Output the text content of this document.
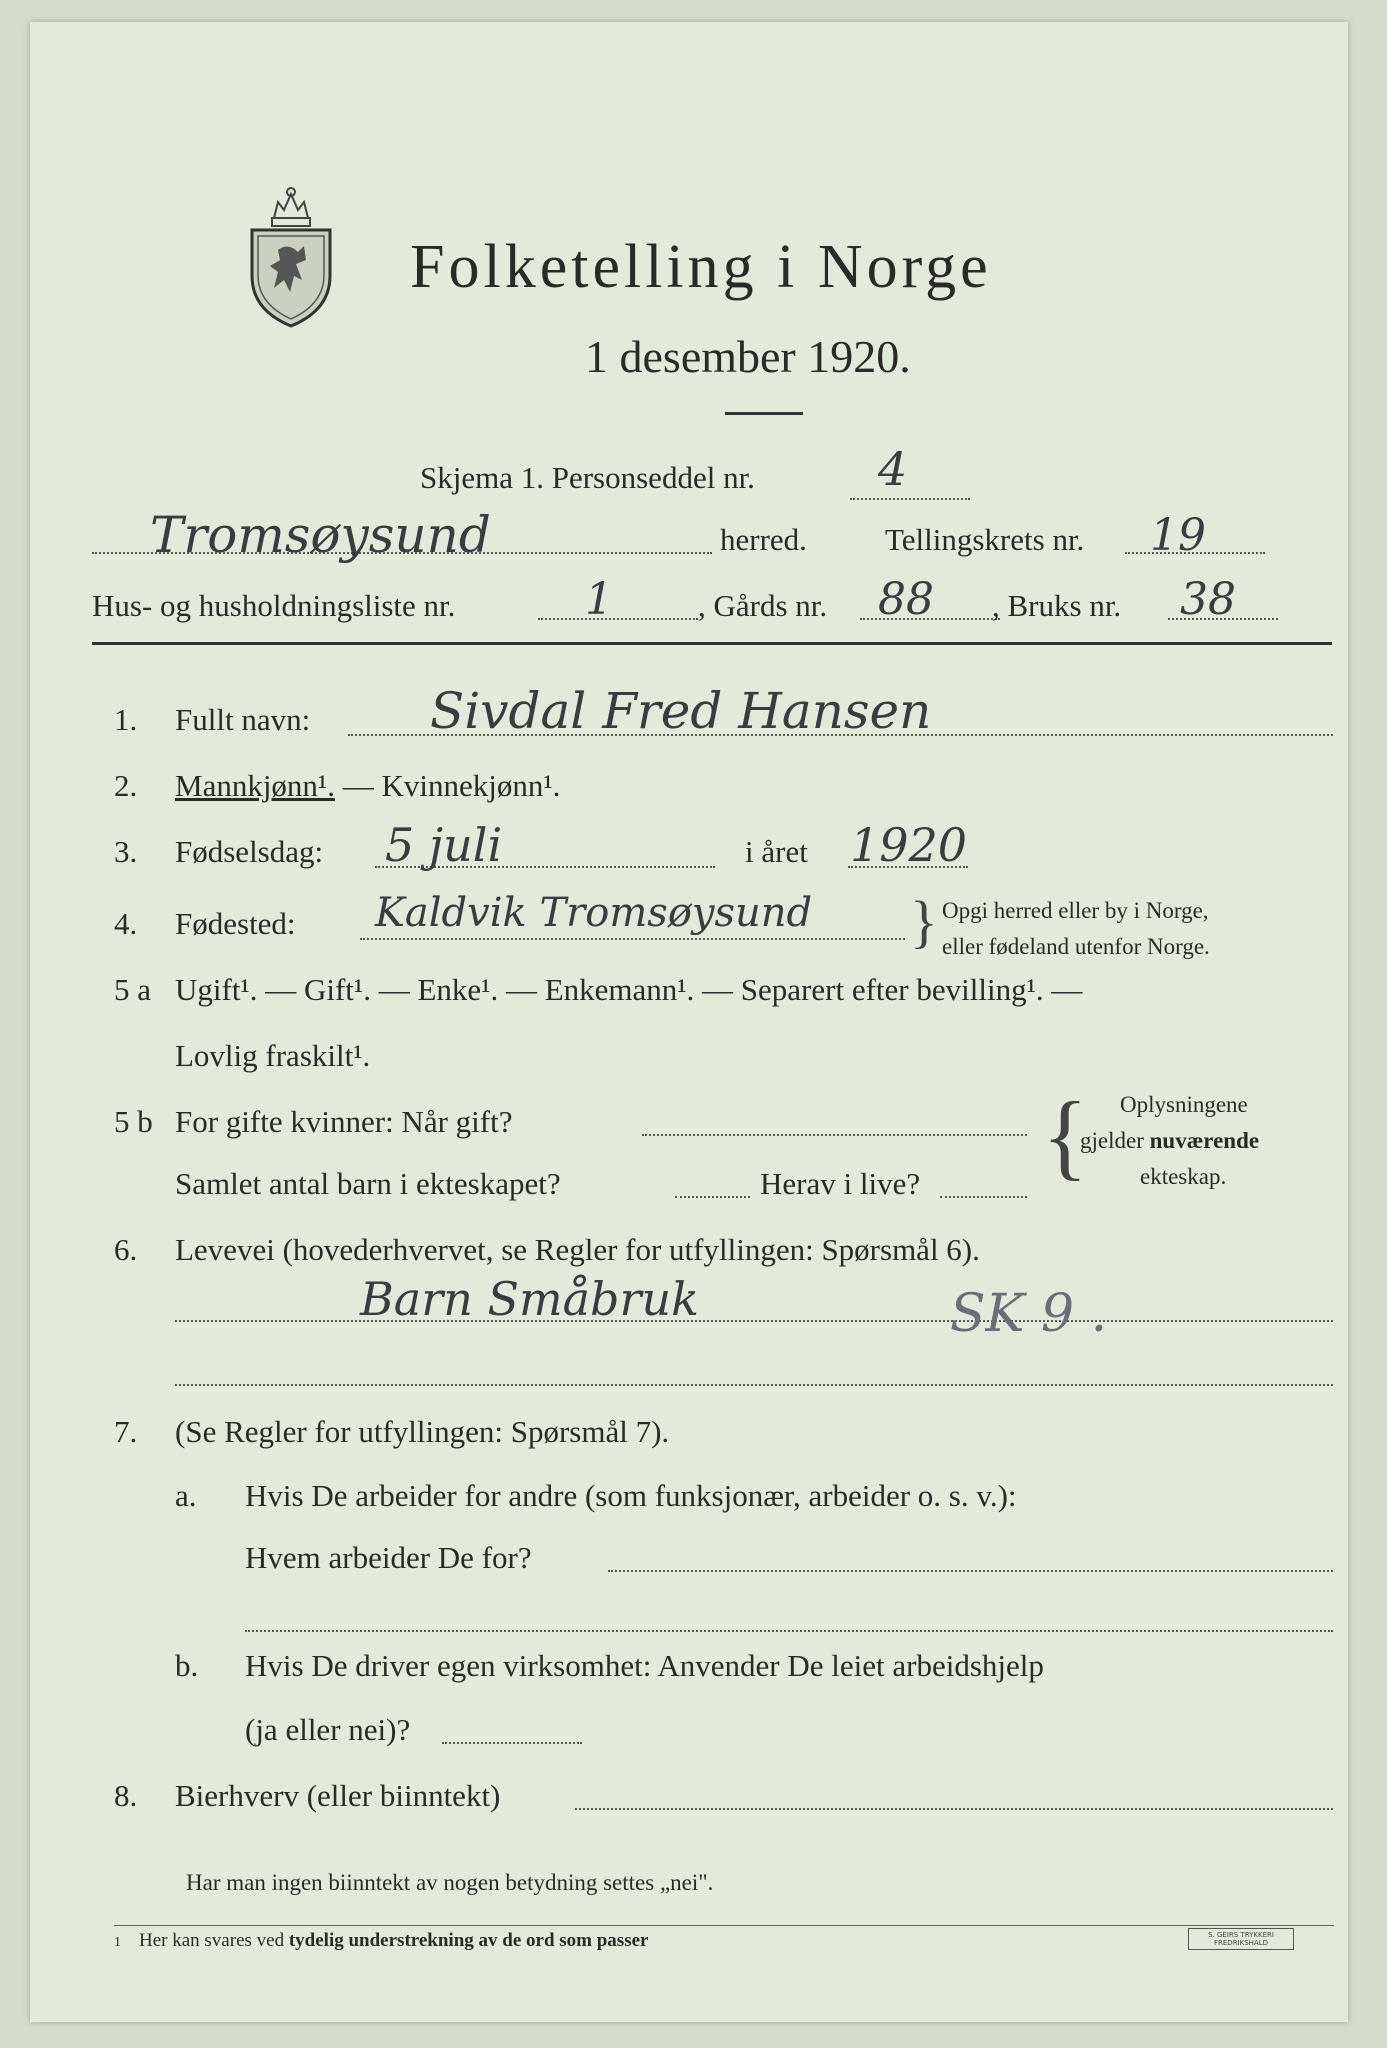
Folketelling i Norge
1 desember 1920.
Skjema 1. Personseddel nr.	4
Tromsøysund	herred.	Tellingskrets nr. 19
Hus- og husholdningsliste nr.	1	, Gårds nr. 88 , Bruks nr. 38
1. Fullt navn: Sivdal Fred Hansen
2. Mannkjønn¹. — Kvinnekjønn¹.
3. Fødselsdag: 5 juli	i året 1920
4. Fødested: Kaldvik Tromsøysund } Opgi herred eller by i Norge,
eller fødeland utenfor Norge.
5 a Ugift¹. — Gift¹. — Enke¹. — Enkemann¹. — Separert efter bevilling¹. —
Lovlig fraskilt¹.
5 b For gifte kvinner: Når gift?
Samlet antal barn i ekteskapet?	Herav i live? { Oplysningene
gjelder nuværende
ekteskap.
6. Levevei (hovederhvervet, se Regler for utfyllingen: Spørsmål 6).
Barn Småbruk	SK 9 .
7. (Se Regler for utfyllingen: Spørsmål 7).
a. Hvis De arbeider for andre (som funksjonær, arbeider o. s. v.):
Hvem arbeider De for?
b. Hvis De driver egen virksomhet: Anvender De leiet arbeidshjelp
(ja eller nei)?
8. Bierhverv (eller biinntekt)
Har man ingen biinntekt av nogen betydning settes „nei".
1 Her kan svares ved tydelig understrekning av de ord som passer	S. GEIRS TRYKKERI
FREDRIKSHALD
